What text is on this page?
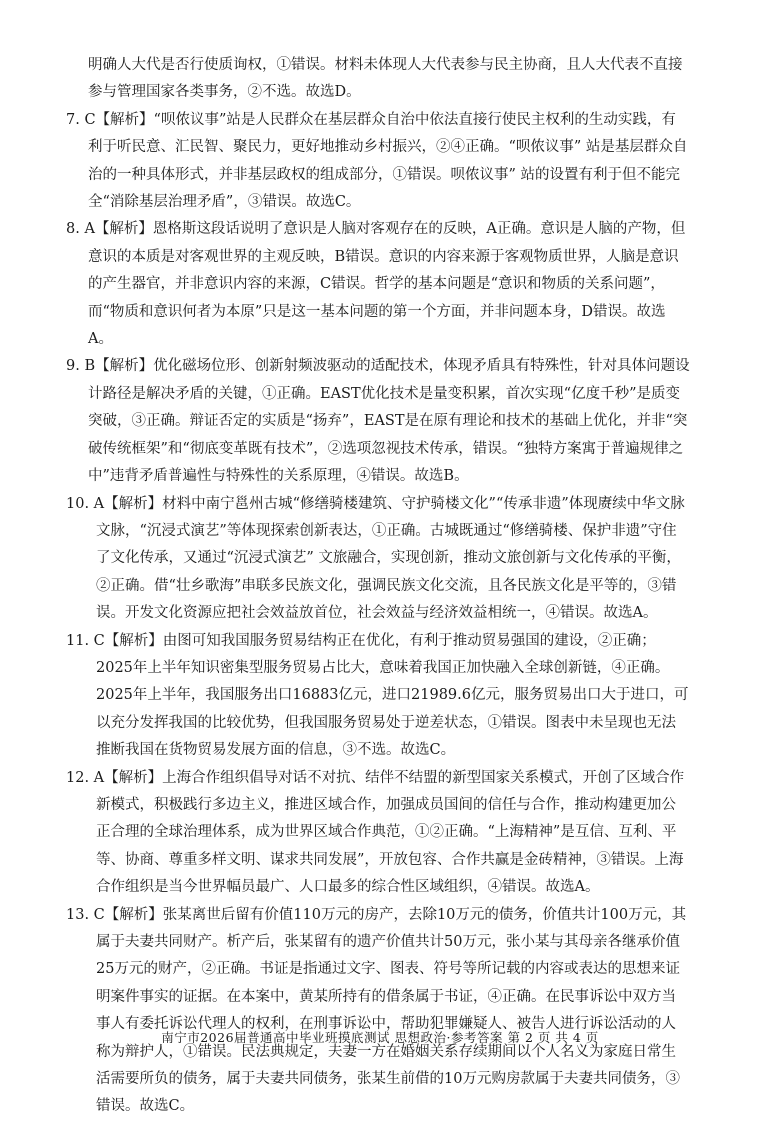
明确人大代是否行使质询权，①错误。材料未体现人大代表参与民主协商，且人大代表不直接参与管理国家各类事务，②不选。故选D。

7. C【解析】“呗侬议事”站是人民群众在基层群众自治中依法直接行使民主权利的生动实践，有利于听民意、汇民智、聚民力，更好地推动乡村振兴，②④正确。“呗侬议事” 站是基层群众自治的一种具体形式，并非基层政权的组成部分，①错误。呗侬议事” 站的设置有利于但不能完全“消除基层治理矛盾”，③错误。故选C。

8. A【解析】恩格斯这段话说明了意识是人脑对客观存在的反映，A正确。意识是人脑的产物，但意识的本质是对客观世界的主观反映，B错误。意识的内容来源于客观物质世界，人脑是意识的产生器官，并非意识内容的来源，C错误。哲学的基本问题是“意识和物质的关系问题”，而“物质和意识何者为本原”只是这一基本问题的第一个方面，并非问题本身，D错误。故选A。

9. B【解析】优化磁场位形、创新射频波驱动的适配技术，体现矛盾具有特殊性，针对具体问题设计路径是解决矛盾的关键，①正确。EAST优化技术是量变积累，首次实现“亿度千秒”是质变突破，③正确。辩证否定的实质是“扬弃”，EAST是在原有理论和技术的基础上优化，并非“突破传统框架”和“彻底变革既有技术”，②选项忽视技术传承，错误。“独特方案寓于普遍规律之中”违背矛盾普遍性与特殊性的关系原理，④错误。故选B。

10. A【解析】材料中南宁邕州古城“修缮骑楼建筑、守护骑楼文化”“传承非遗”体现赓续中华文脉文脉，“沉浸式演艺”等体现探索创新表达，①正确。古城既通过“修缮骑楼、保护非遗”守住了文化传承，又通过“沉浸式演艺” 文旅融合，实现创新，推动文旅创新与文化传承的平衡，②正确。借“壮乡歌海”串联多民族文化，强调民族文化交流，且各民族文化是平等的，③错误。开发文化资源应把社会效益放首位，社会效益与经济效益相统一，④错误。故选A。

11. C【解析】由图可知我国服务贸易结构正在优化，有利于推动贸易强国的建设，②正确；2025年上半年知识密集型服务贸易占比大，意味着我国正加快融入全球创新链，④正确。2025年上半年，我国服务出口16883亿元，进口21989.6亿元，服务贸易出口大于进口，可以充分发挥我国的比较优势，但我国服务贸易处于逆差状态，①错误。图表中未呈现也无法推断我国在货物贸易发展方面的信息，③不选。故选C。

12. A【解析】上海合作组织倡导对话不对抗、结伴不结盟的新型国家关系模式，开创了区域合作新模式，积极践行多边主义，推进区域合作，加强成员国间的信任与合作，推动构建更加公正合理的全球治理体系，成为世界区域合作典范，①②正确。“上海精神”是互信、互利、平等、协商、尊重多样文明、谋求共同发展”，开放包容、合作共赢是金砖精神，③错误。上海合作组织是当今世界幅员最广、人口最多的综合性区域组织，④错误。故选A。

13. C【解析】张某离世后留有价值110万元的房产，去除10万元的债务，价值共计100万元，其属于夫妻共同财产。析产后，张某留有的遗产价值共计50万元，张小某与其母亲各继承价值25万元的财产，②正确。书证是指通过文字、图表、符号等所记载的内容或表达的思想来证明案件事实的证据。在本案中，黄某所持有的借条属于书证，④正确。在民事诉讼中双方当事人有委托诉讼代理人的权利，在刑事诉讼中，帮助犯罪嫌疑人、被告人进行诉讼活动的人称为辩护人，①错误。民法典规定，夫妻一方在婚姻关系存续期间以个人名义为家庭日常生活需要所负的债务，属于夫妻共同债务，张某生前借的10万元购房款属于夫妻共同债务，③错误。故选C。

南宁市2026届普通高中毕业班摸底测试 思想政治·参考答案 第 2 页 共 4 页
